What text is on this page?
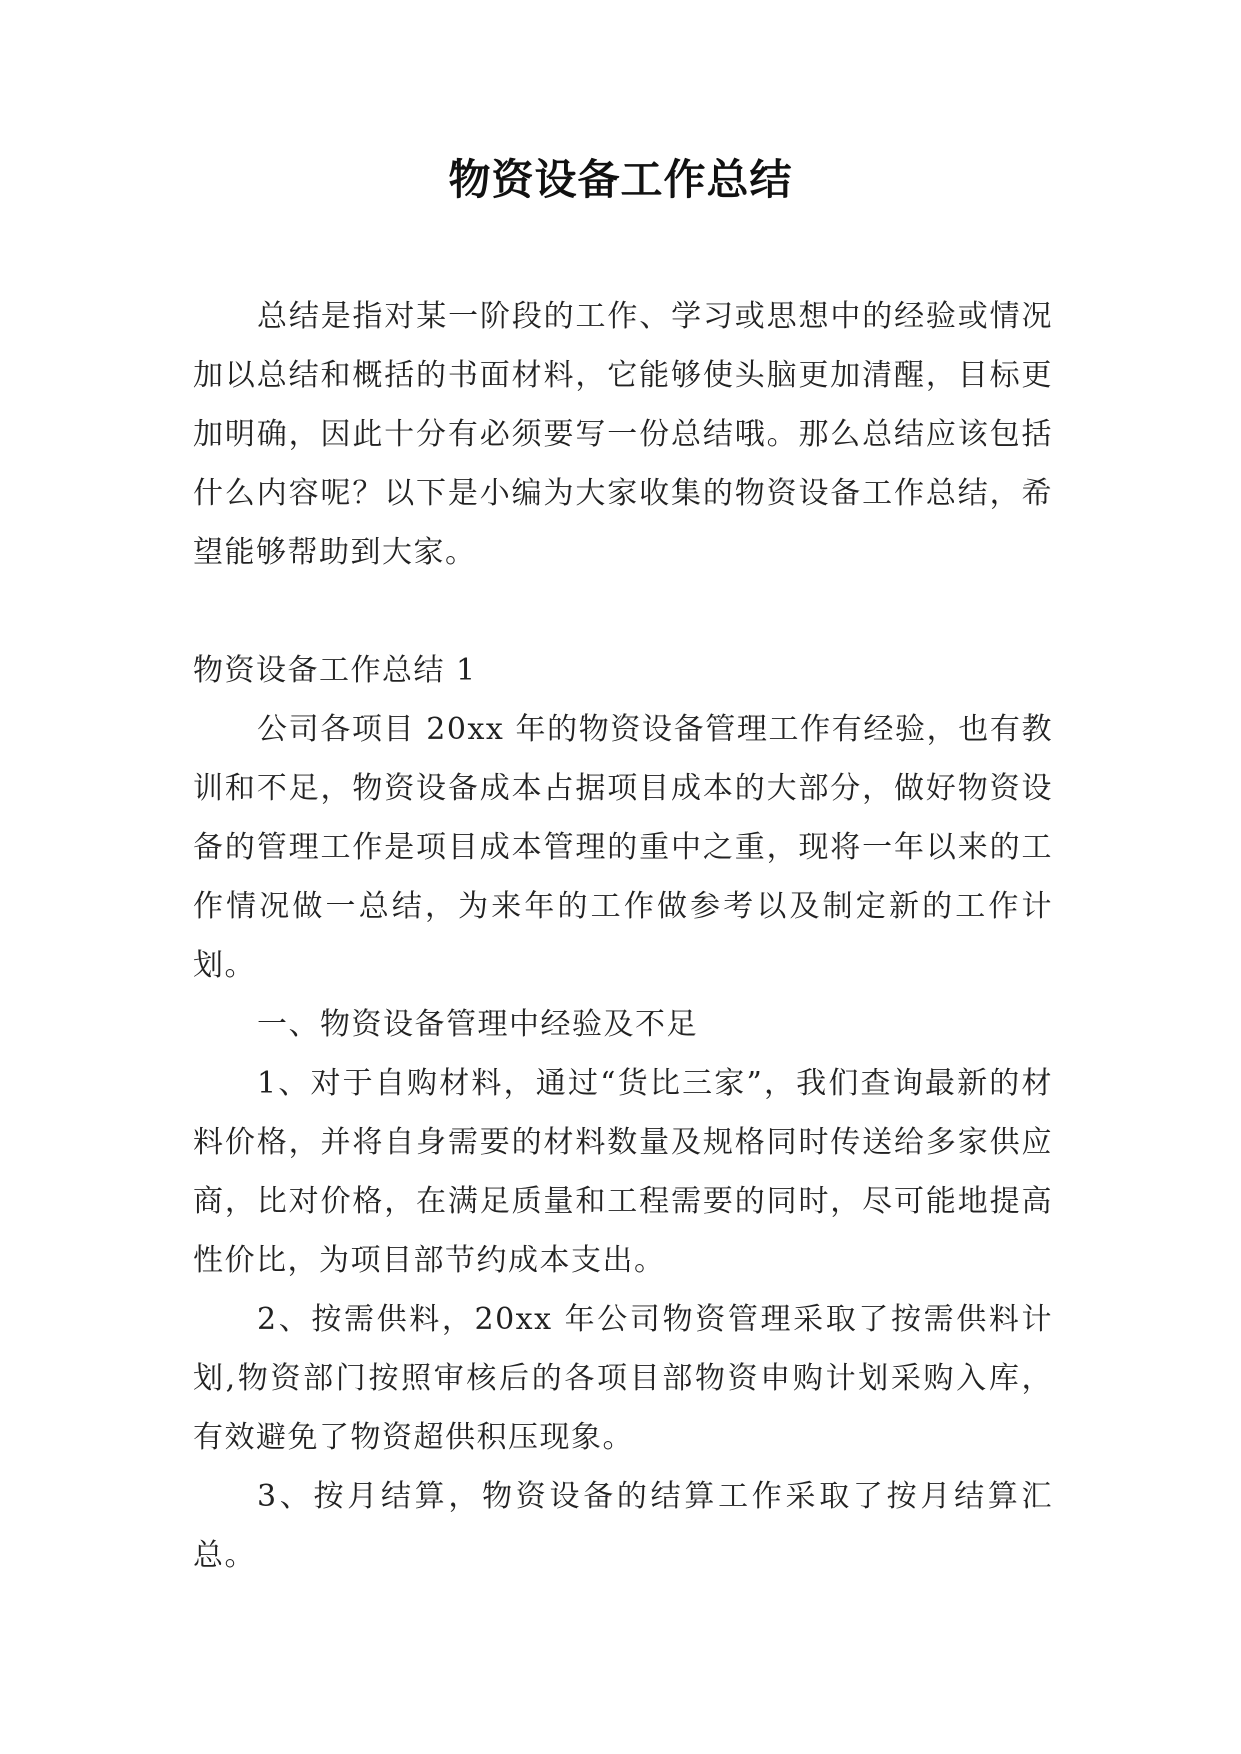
物资设备工作总结

总结是指对某一阶段的工作、学习或思想中的经验或情况加以总结和概括的书面材料，它能够使头脑更加清醒，目标更加明确，因此十分有必须要写一份总结哦。那么总结应该包括什么内容呢？以下是小编为大家收集的物资设备工作总结，希望能够帮助到大家。

物资设备工作总结 1

公司各项目 20xx 年的物资设备管理工作有经验，也有教训和不足，物资设备成本占据项目成本的大部分，做好物资设备的管理工作是项目成本管理的重中之重，现将一年以来的工作情况做一总结，为来年的工作做参考以及制定新的工作计划。

一、物资设备管理中经验及不足

1、对于自购材料，通过“货比三家”，我们查询最新的材料价格，并将自身需要的材料数量及规格同时传送给多家供应商，比对价格，在满足质量和工程需要的同时，尽可能地提高性价比，为项目部节约成本支出。

2、按需供料，20xx 年公司物资管理采取了按需供料计划,物资部门按照审核后的各项目部物资申购计划采购入库，有效避免了物资超供积压现象。

3、按月结算，物资设备的结算工作采取了按月结算汇总。
